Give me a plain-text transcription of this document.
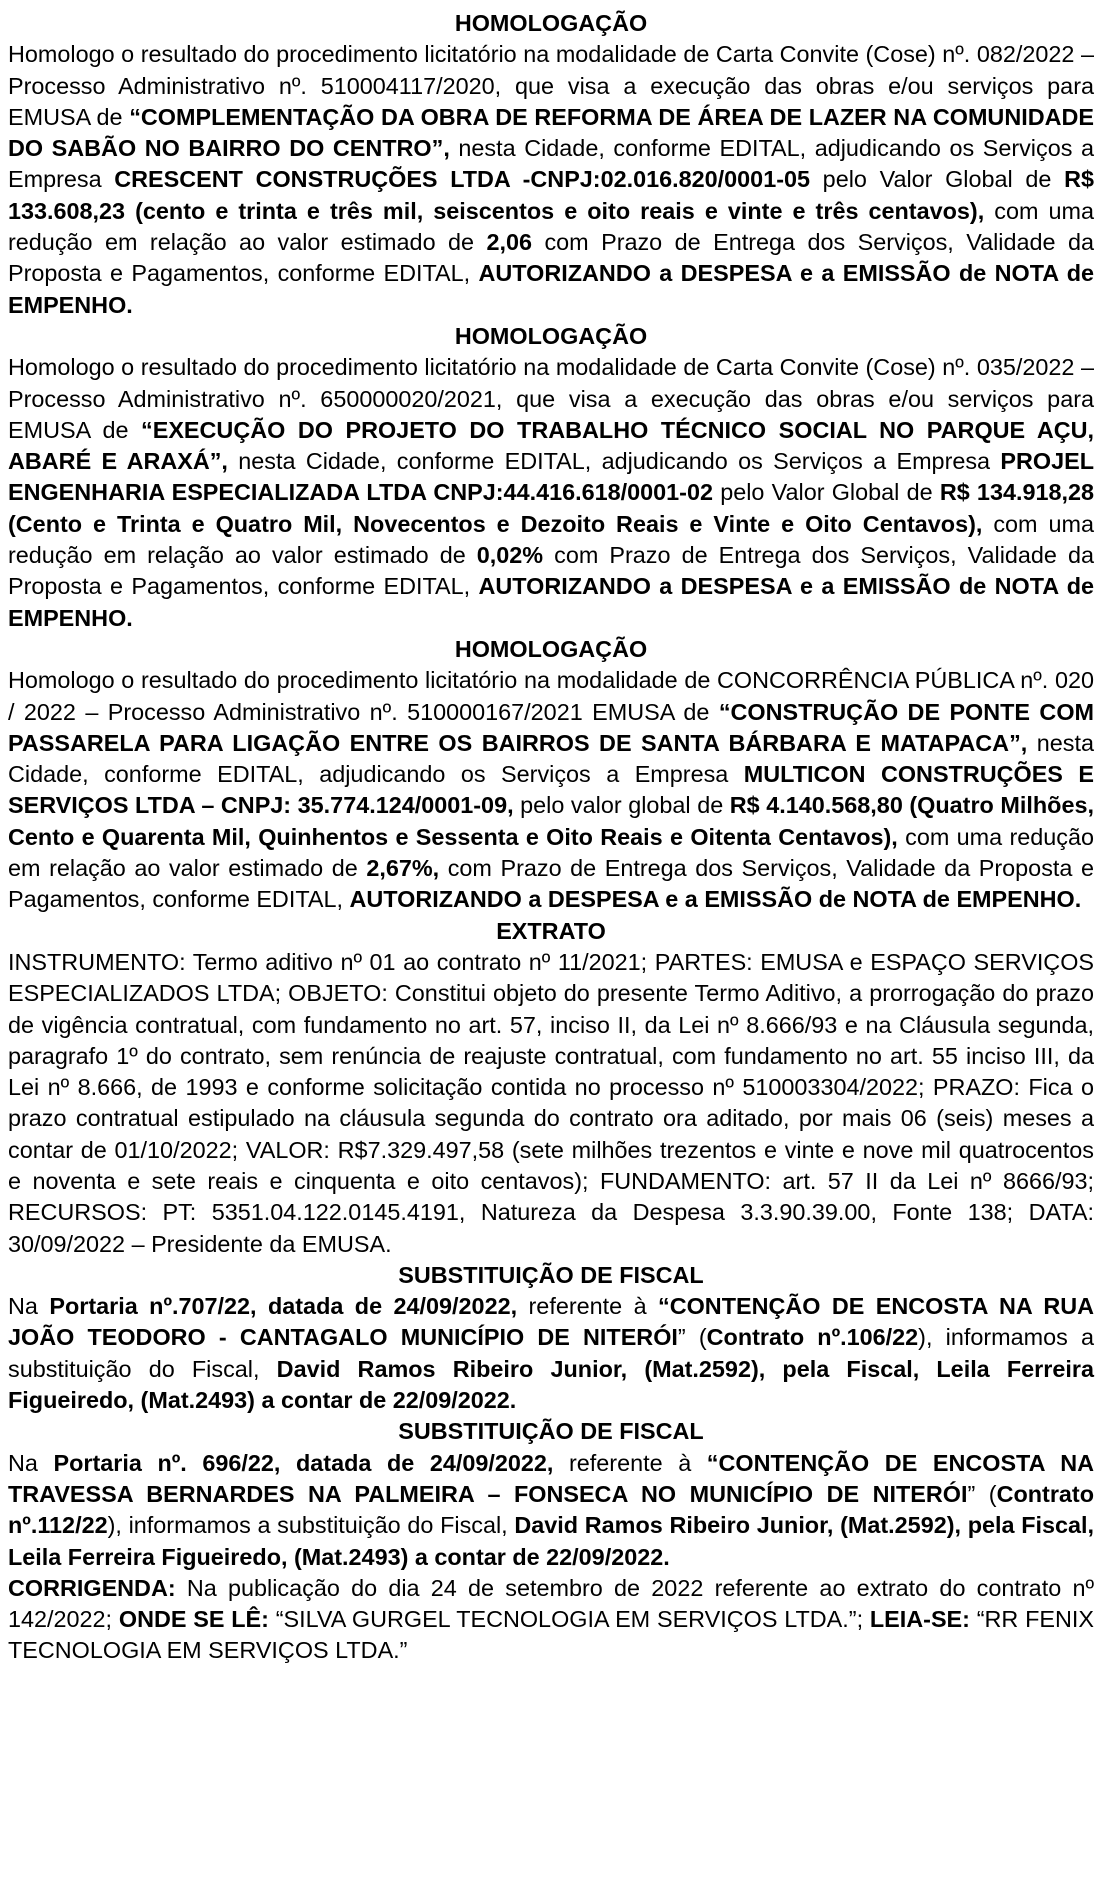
HOMOLOGAÇÃO

Homologo o resultado do procedimento licitatório na modalidade de Carta Convite (Cose) nº. 082/2022 – Processo Administrativo nº. 510004117/2020, que visa a execução das obras e/ou serviços para EMUSA de “COMPLEMENTAÇÃO DA OBRA DE REFORMA DE ÁREA DE LAZER NA COMUNIDADE DO SABÃO NO BAIRRO DO CENTRO”, nesta Cidade, conforme EDITAL, adjudicando os Serviços a Empresa CRESCENT CONSTRUÇÕES LTDA -CNPJ:02.016.820/0001-05 pelo Valor Global de R$ 133.608,23 (cento e trinta e três mil, seiscentos e oito reais e vinte e três centavos), com uma redução em relação ao valor estimado de 2,06 com Prazo de Entrega dos Serviços, Validade da Proposta e Pagamentos, conforme EDITAL, AUTORIZANDO a DESPESA e a EMISSÃO de NOTA de EMPENHO.

HOMOLOGAÇÃO

Homologo o resultado do procedimento licitatório na modalidade de Carta Convite (Cose) nº. 035/2022 – Processo Administrativo nº. 650000020/2021, que visa a execução das obras e/ou serviços para EMUSA de “EXECUÇÃO DO PROJETO DO TRABALHO TÉCNICO SOCIAL NO PARQUE AÇU, ABARÉ E ARAXÁ”, nesta Cidade, conforme EDITAL, adjudicando os Serviços a Empresa PROJEL ENGENHARIA ESPECIALIZADA LTDA CNPJ:44.416.618/0001-02 pelo Valor Global de R$ 134.918,28 (Cento e Trinta e Quatro Mil, Novecentos e Dezoito Reais e Vinte e Oito Centavos), com uma redução em relação ao valor estimado de 0,02% com Prazo de Entrega dos Serviços, Validade da Proposta e Pagamentos, conforme EDITAL, AUTORIZANDO a DESPESA e a EMISSÃO de NOTA de EMPENHO.

HOMOLOGAÇÃO

Homologo o resultado do procedimento licitatório na modalidade de CONCORRÊNCIA PÚBLICA nº. 020 / 2022 – Processo Administrativo nº. 510000167/2021 EMUSA de “CONSTRUÇÃO DE PONTE COM PASSARELA PARA LIGAÇÃO ENTRE OS BAIRROS DE SANTA BÁRBARA E MATAPACA”, nesta Cidade, conforme EDITAL, adjudicando os Serviços a Empresa MULTICON CONSTRUÇÕES E SERVIÇOS LTDA – CNPJ: 35.774.124/0001-09, pelo valor global de R$ 4.140.568,80 (Quatro Milhões, Cento e Quarenta Mil, Quinhentos e Sessenta e Oito Reais e Oitenta Centavos), com uma redução em relação ao valor estimado de 2,67%, com Prazo de Entrega dos Serviços, Validade da Proposta e Pagamentos, conforme EDITAL, AUTORIZANDO a DESPESA e a EMISSÃO de NOTA de EMPENHO.

EXTRATO

INSTRUMENTO: Termo aditivo nº 01 ao contrato nº 11/2021; PARTES: EMUSA e ESPAÇO SERVIÇOS ESPECIALIZADOS LTDA; OBJETO: Constitui objeto do presente Termo Aditivo, a prorrogação do prazo de vigência contratual, com fundamento no art. 57, inciso II, da Lei nº 8.666/93 e na Cláusula segunda, paragrafo 1º do contrato, sem renúncia de reajuste contratual, com fundamento no art. 55 inciso III, da Lei nº 8.666, de 1993 e conforme solicitação contida no processo nº 510003304/2022; PRAZO: Fica o prazo contratual estipulado na cláusula segunda do contrato ora aditado, por mais 06 (seis) meses a contar de 01/10/2022; VALOR: R$7.329.497,58 (sete milhões trezentos e vinte e nove mil quatrocentos e noventa e sete reais e cinquenta e oito centavos); FUNDAMENTO: art. 57 II da Lei nº 8666/93; RECURSOS: PT: 5351.04.122.0145.4191, Natureza da Despesa 3.3.90.39.00, Fonte 138; DATA: 30/09/2022 – Presidente da EMUSA.

SUBSTITUIÇÃO DE FISCAL

Na Portaria nº.707/22, datada de 24/09/2022, referente à “CONTENÇÃO DE ENCOSTA NA RUA JOÃO TEODORO - CANTAGALO MUNICÍPIO DE NITERÓI” (Contrato nº.106/22), informamos a substituição do Fiscal, David Ramos Ribeiro Junior, (Mat.2592), pela Fiscal, Leila Ferreira Figueiredo, (Mat.2493) a contar de 22/09/2022.

SUBSTITUIÇÃO DE FISCAL

Na Portaria nº. 696/22, datada de 24/09/2022, referente à “CONTENÇÃO DE ENCOSTA NA TRAVESSA BERNARDES NA PALMEIRA – FONSECA NO MUNICÍPIO DE NITERÓI” (Contrato nº.112/22), informamos a substituição do Fiscal, David Ramos Ribeiro Junior, (Mat.2592), pela Fiscal, Leila Ferreira Figueiredo, (Mat.2493) a contar de 22/09/2022.

CORRIGENDA: Na publicação do dia 24 de setembro de 2022 referente ao extrato do contrato nº 142/2022; ONDE SE LÊ: “SILVA GURGEL TECNOLOGIA EM SERVIÇOS LTDA.”; LEIA-SE: “RR FENIX TECNOLOGIA EM SERVIÇOS LTDA.”
